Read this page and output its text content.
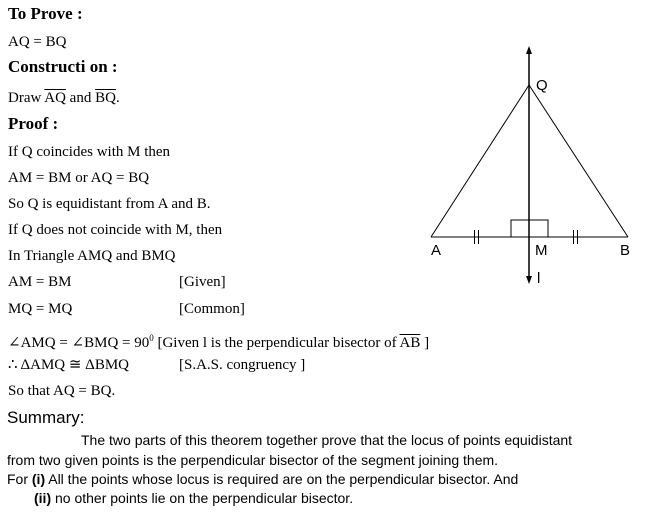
To Prove :
AQ = BQ
Constructi on :
Draw $\overline{AQ}$ and $\overline{BQ}$.
Proof :
If Q coincides with M then
AM = BM or AQ = BQ
So Q is equidistant from A and B.
If Q does not coincide with M, then
In Triangle AMQ and BMQ
AM = BM	[Given]
MQ = MQ	[Common]
∠AMQ = ∠BMQ = $90^0$ [Given l is the perpendicular bisector of $\overline{AB}$ ]
∴ ΔAMQ ≅ ΔBMQ	[S.A.S. congruency ]
So that AQ = BQ.
Summary:
The two parts of this theorem together prove that the locus of points equidistant
from two given points is the perpendicular bisector of the segment joining them.
For (i) All the points whose locus is required are on the perpendicular bisector. And
(ii) no other points lie on the perpendicular bisector.
Q
A	M	B
l
